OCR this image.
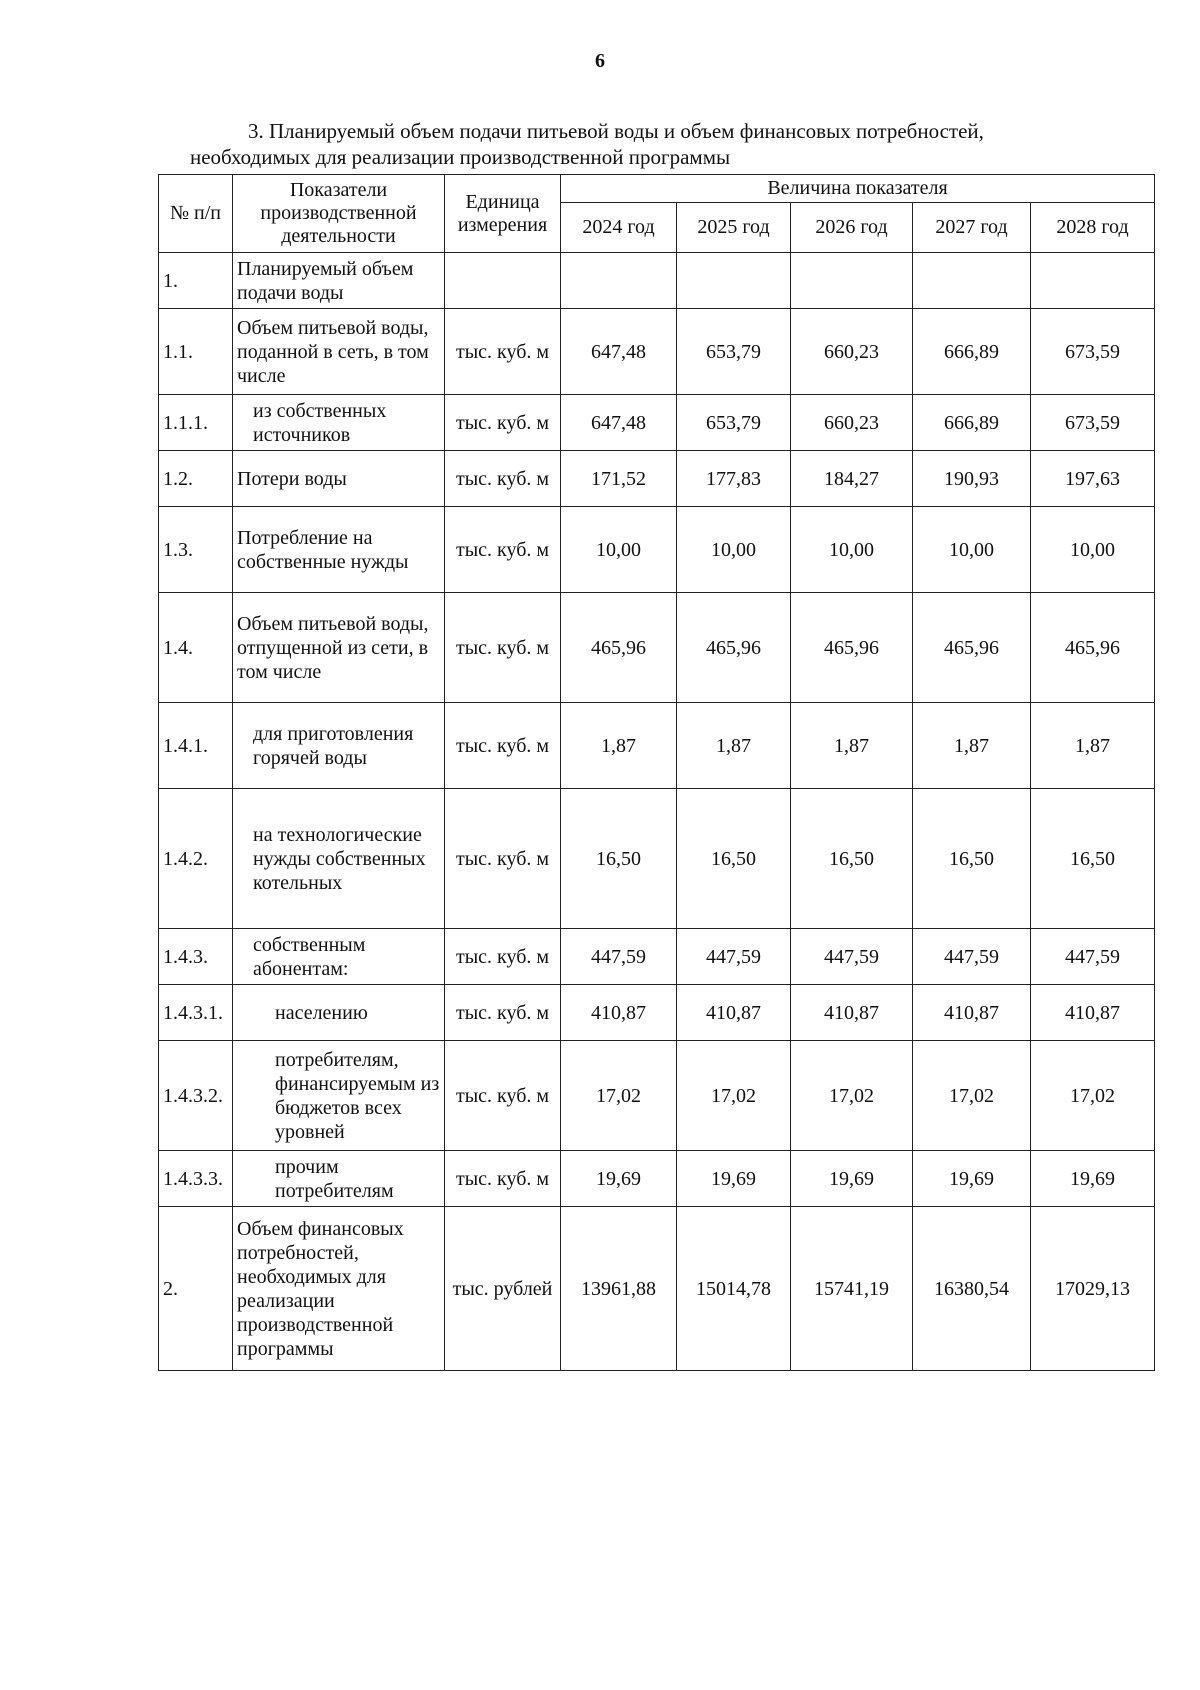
6
3. Планируемый объем подачи питьевой воды и объем финансовых потребностей,
необходимых для реализации производственной программы
№ п/п	Показатели производственной деятельности	Единица измерения	Величина показателя				
			2024 год	2025 год	2026 год	2027 год	2028 год
1.	Планируемый объем подачи воды						
1.1.	Объем питьевой воды, поданной в сеть, в том числе	тыс. куб. м	647,48	653,79	660,23	666,89	673,59
1.1.1.	из собственных источников	тыс. куб. м	647,48	653,79	660,23	666,89	673,59
1.2.	Потери воды	тыс. куб. м	171,52	177,83	184,27	190,93	197,63
1.3.	Потребление на собственные нужды	тыс. куб. м	10,00	10,00	10,00	10,00	10,00
1.4.	Объем питьевой воды, отпущенной из сети, в том числе	тыс. куб. м	465,96	465,96	465,96	465,96	465,96
1.4.1.	для приготовления горячей воды	тыс. куб. м	1,87	1,87	1,87	1,87	1,87
1.4.2.	на технологические нужды собственных котельных	тыс. куб. м	16,50	16,50	16,50	16,50	16,50
1.4.3.	собственным абонентам:	тыс. куб. м	447,59	447,59	447,59	447,59	447,59
1.4.3.1.	населению	тыс. куб. м	410,87	410,87	410,87	410,87	410,87
1.4.3.2.	потребителям, финансируемым из бюджетов всех уровней	тыс. куб. м	17,02	17,02	17,02	17,02	17,02
1.4.3.3.	прочим потребителям	тыс. куб. м	19,69	19,69	19,69	19,69	19,69
2.	Объем финансовых потребностей, необходимых для реализации производственной программы	тыс. рублей	13961,88	15014,78	15741,19	16380,54	17029,13
